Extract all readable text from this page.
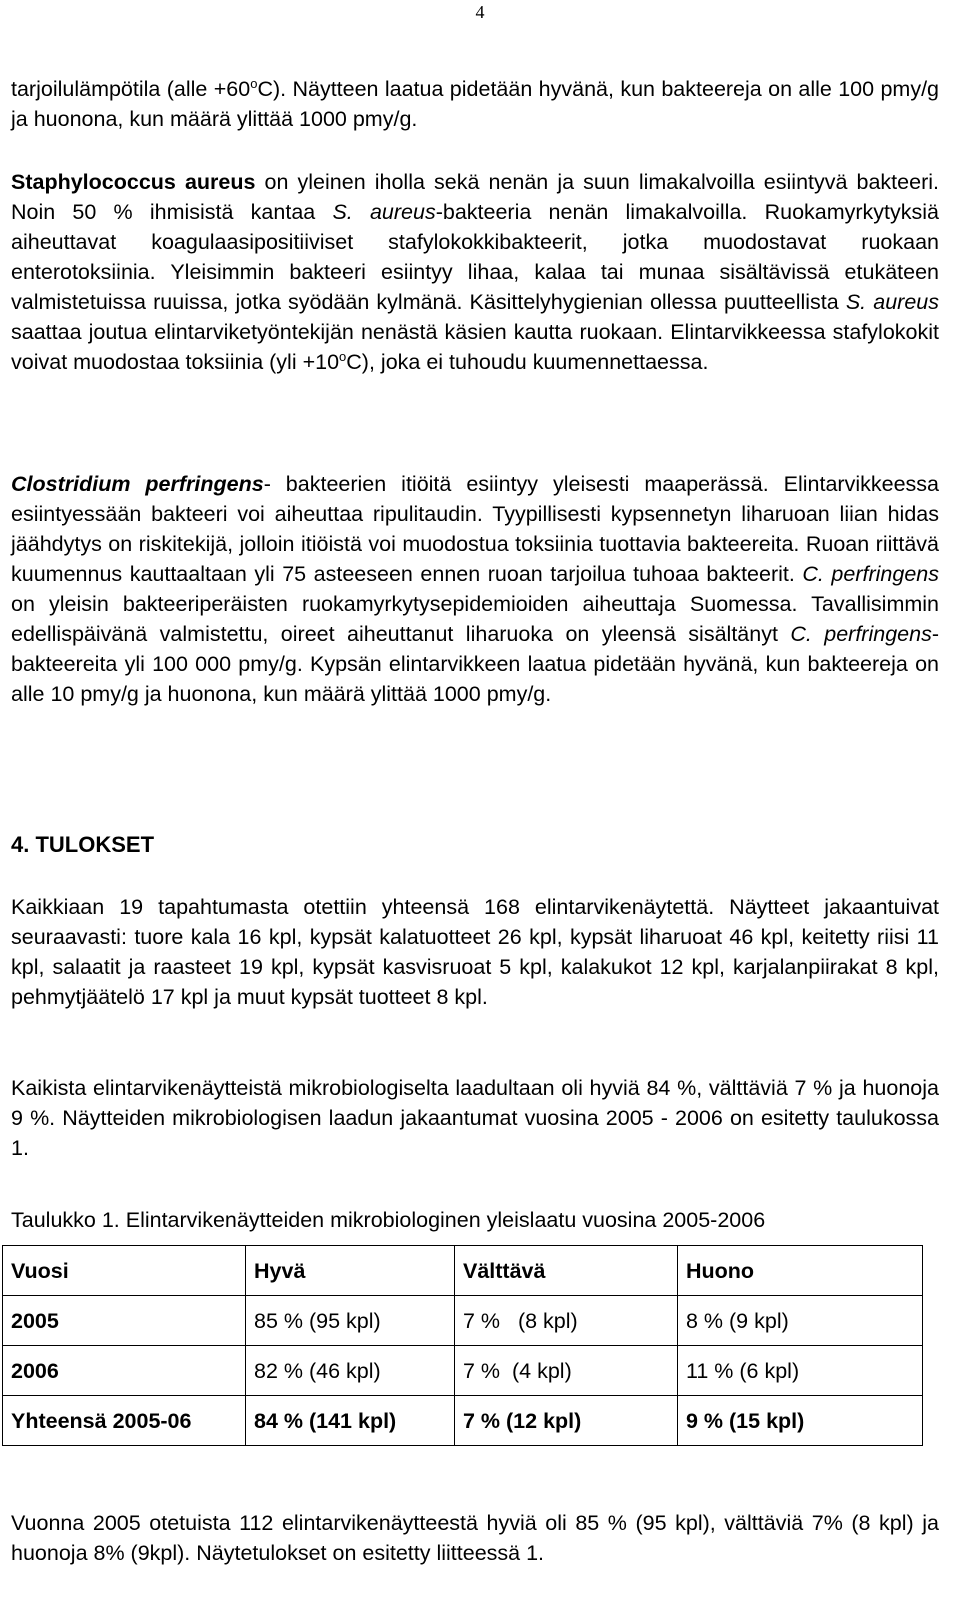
4

tarjoilulämpötila (alle $+60^oC$). Näytteen laatua pidetään hyvänä, kun bakteereja on alle 100 pmy/g ja huonona, kun määrä ylittää 1000 pmy/g.

Staphylococcus aureus on yleinen iholla sekä nenän ja suun limakalvoilla esiintyvä bakteeri. Noin 50 % ihmisistä kantaa S. aureus-bakteeria nenän limakalvoilla. Ruokamyrkytyksiä aiheuttavat koagulaasipositiiviset stafylokokkibakteerit, jotka muodostavat ruokaan enterotoksiinia. Yleisimmin bakteeri esiintyy lihaa, kalaa tai munaa sisältävissä etukäteen valmistetuissa ruuissa, jotka syödään kylmänä. Käsittelyhygienian ollessa puutteellista S. aureus saattaa joutua elintarviketyöntekijän nenästä käsien kautta ruokaan. Elintarvikkeessa stafylokokit voivat muodostaa toksiinia $(yli +10^oC)$, joka ei tuhoudu kuumennettaessa.

Clostridium perfringens- bakteerien itiöitä esiintyy yleisesti maaperässä. Elintarvikkeessa esiintyessään bakteeri voi aiheuttaa ripulitaudin. Tyypillisesti kypsennetyn liharuoan liian hidas jäähdytys on riskitekijä, jolloin itiöistä voi muodostua toksiinia tuottavia bakteereita. Ruoan riittävä kuumennus kauttaaltaan yli 75 asteeseen ennen ruoan tarjoilua tuhoaa bakteerit. C. perfringens on yleisin bakteeriperäisten ruokamyrkytysepidemioiden aiheuttaja Suomessa. Tavallisimmin edellispäivänä valmistettu, oireet aiheuttanut liharuoka on yleensä sisältänyt C. perfringens-bakteereita yli 100 000 pmy/g. Kypsän elintarvikkeen laatua pidetään hyvänä, kun bakteereja on alle 10 pmy/g ja huonona, kun määrä ylittää 1000 pmy/g.

4. TULOKSET

Kaikkiaan 19 tapahtumasta otettiin yhteensä 168 elintarvikenäytettä. Näytteet jakaantuivat seuraavasti: tuore kala 16 kpl, kypsät kalatuotteet 26 kpl, kypsät liharuoat 46 kpl, keitetty riisi 11 kpl, salaatit ja raasteet 19 kpl, kypsät kasvisruoat 5 kpl, kalakukot 12 kpl, karjalanpiirakat 8 kpl, pehmytjäätelö 17 kpl ja muut kypsät tuotteet 8 kpl.

Kaikista elintarvikenäytteistä mikrobiologiselta laadultaan oli hyviä 84 %, välttäviä 7 % ja huonoja 9 %. Näytteiden mikrobiologisen laadun jakaantumat vuosina 2005 - 2006 on esitetty taulukossa 1.

Taulukko 1. Elintarvikenäytteiden mikrobiologinen yleislaatu vuosina 2005-2006
Vuosi	Hyvä	Välttävä	Huono
2005	85 % (95 kpl)	7 %   (8 kpl)	8 % (9 kpl)
2006	82 % (46 kpl)	7 %  (4 kpl)	11 % (6 kpl)
Yhteensä 2005-06	84 % (141 kpl)	7 % (12 kpl)	9 % (15 kpl)

Vuonna 2005 otetuista 112 elintarvikenäytteestä hyviä oli 85 % (95 kpl), välttäviä 7% (8 kpl) ja huonoja 8% (9kpl). Näytetulokset on esitetty liitteessä 1.
